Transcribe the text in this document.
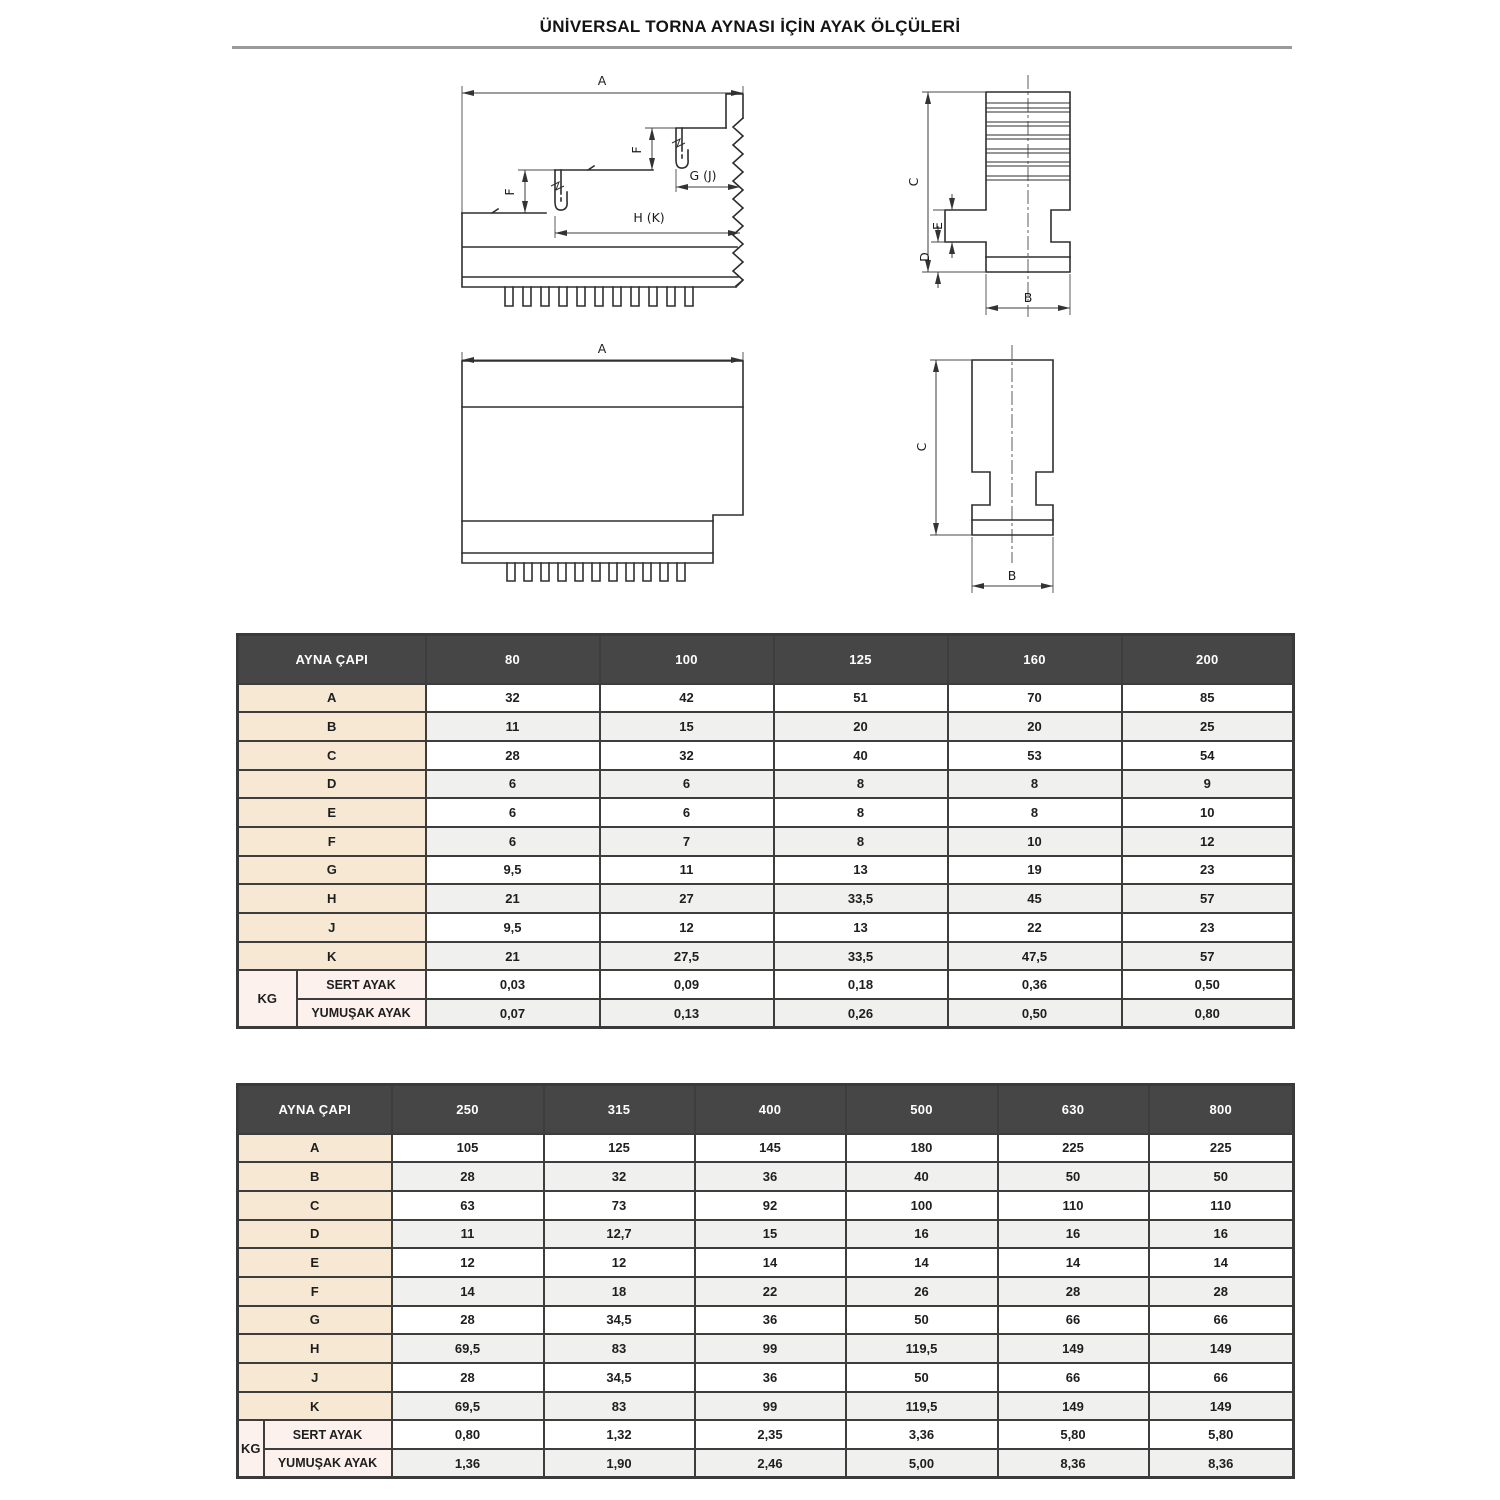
ÜNİVERSAL TORNA AYNASI İÇİN AYAK ÖLÇÜLERİ
A
F
F
G (J)
H (K)
C
E
D
B
A
C
B
AYNA ÇAPI		80	100	125	160	200
A		32	42	51	70	85
B		11	15	20	20	25
C		28	32	40	53	54
D		6	6	8	8	9
E		6	6	8	8	10
F		6	7	8	10	12
G		9,5	11	13	19	23
H		21	27	33,5	45	57
J		9,5	12	13	22	23
K		21	27,5	33,5	47,5	57
KG	SERT AYAK	0,03	0,09	0,18	0,36	0,50
	YUMUŞAK AYAK	0,07	0,13	0,26	0,50	0,80
AYNA ÇAPI		250	315	400	500	630	800
A		105	125	145	180	225	225
B		28	32	36	40	50	50
C		63	73	92	100	110	110
D		11	12,7	15	16	16	16
E		12	12	14	14	14	14
F		14	18	22	26	28	28
G		28	34,5	36	50	66	66
H		69,5	83	99	119,5	149	149
J		28	34,5	36	50	66	66
K		69,5	83	99	119,5	149	149
KG	SERT AYAK	0,80	1,32	2,35	3,36	5,80	5,80
	YUMUŞAK AYAK	1,36	1,90	2,46	5,00	8,36	8,36
